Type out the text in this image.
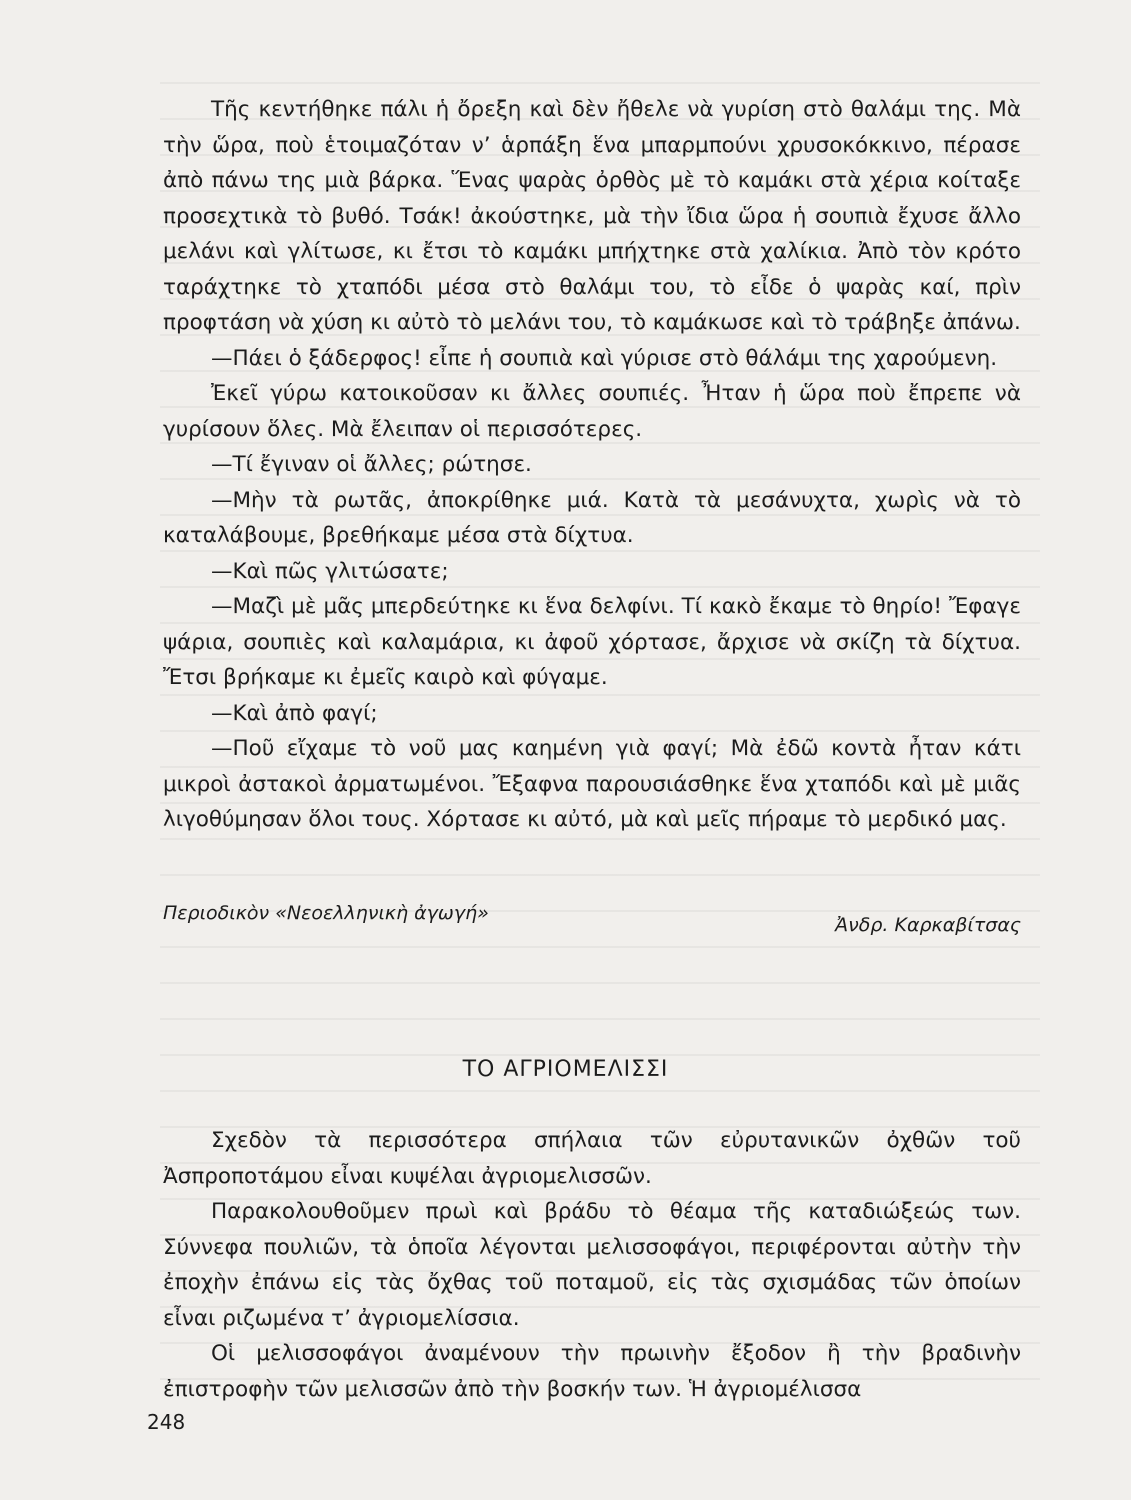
Τῆς κεντήθηκε πάλι ἡ ὄρεξη καὶ δὲν ἤθελε νὰ γυρίση στὸ θαλάμι της. Μὰ τὴν ὥρα, ποὺ ἑτοιμαζόταν ν’ ἁρπάξη ἕνα μπαρμπούνι χρυσοκόκκινο, πέρασε ἀπὸ πάνω της μιὰ βάρκα. Ἕνας ψαρὰς ὀρθὸς μὲ τὸ καμάκι στὰ χέρια κοίταξε προσεχτικὰ τὸ βυθό. Τσάκ! ἀκούστηκε, μὰ τὴν ἴδια ὥρα ἡ σουπιὰ ἔχυσε ἄλλο μελάνι καὶ γλίτωσε, κι ἔτσι τὸ καμάκι μπήχτηκε στὰ χαλίκια. Ἀπὸ τὸν κρότο ταράχτηκε τὸ χταπόδι μέσα στὸ θαλάμι του, τὸ εἶδε ὁ ψαρὰς καί, πρὶν προφτάση νὰ χύση κι αὐτὸ τὸ μελάνι του, τὸ καμάκωσε καὶ τὸ τράβηξε ἀπάνω.

—Πάει ὁ ξάδερφος! εἶπε ἡ σουπιὰ καὶ γύρισε στὸ θάλάμι της χαρούμενη.

Ἐκεῖ γύρω κατοικοῦσαν κι ἄλλες σουπιές. Ἦταν ἡ ὥρα ποὺ ἔπρεπε νὰ γυρίσουν ὅλες. Μὰ ἔλειπαν οἱ περισσότερες.

—Τί ἔγιναν οἱ ἄλλες; ρώτησε.

—Μὴν τὰ ρωτᾶς, ἀποκρίθηκε μιά. Κατὰ τὰ μεσάνυχτα, χωρὶς νὰ τὸ καταλάβουμε, βρεθήκαμε μέσα στὰ δίχτυα.

—Καὶ πῶς γλιτώσατε;

—Μαζὶ μὲ μᾶς μπερδεύτηκε κι ἕνα δελφίνι. Τί κακὸ ἔκαμε τὸ θηρίο! Ἔφαγε ψάρια, σουπιὲς καὶ καλαμάρια, κι ἀφοῦ χόρτασε, ἄρχισε νὰ σκίζη τὰ δίχτυα. Ἔτσι βρήκαμε κι ἐμεῖς καιρὸ καὶ φύγαμε.

—Καὶ ἀπὸ φαγί;

—Ποῦ εἴχαμε τὸ νοῦ μας καημένη γιὰ φαγί; Μὰ ἐδῶ κοντὰ ἦταν κάτι μικροὶ ἀστακοὶ ἀρματωμένοι. Ἔξαφνα παρουσιάσθηκε ἕνα χταπόδι καὶ μὲ μιᾶς λιγοθύμησαν ὅλοι τους. Χόρτασε κι αὐτό, μὰ καὶ μεῖς πήραμε τὸ μερδικό μας.

Περιοδικὸν «Νεοελληνικὴ ἀγωγή»
Ἀνδρ. Καρκαβίτσας
ΤΟ ΑΓΡΙΟΜΕΛΙΣΣΙ

Σχεδὸν τὰ περισσότερα σπήλαια τῶν εὐρυτανικῶν ὀχθῶν τοῦ Ἀσπροποτάμου εἶναι κυψέλαι ἀγριομελισσῶν.

Παρακολουθοῦμεν πρωὶ καὶ βράδυ τὸ θέαμα τῆς καταδιώξεώς των. Σύννεφα πουλιῶν, τὰ ὁποῖα λέγονται μελισσοφάγοι, περιφέρονται αὐτὴν τὴν ἐποχὴν ἐπάνω εἰς τὰς ὄχθας τοῦ ποταμοῦ, εἰς τὰς σχισμάδας τῶν ὁποίων εἶναι ριζωμένα τ’ ἀγριομελίσσια.

Οἱ μελισσοφάγοι ἀναμένουν τὴν πρωινὴν ἔξοδον ἢ τὴν βραδινὴν ἐπιστροφὴν τῶν μελισσῶν ἀπὸ τὴν βοσκήν των. Ἡ ἀγριομέλισσα

248
